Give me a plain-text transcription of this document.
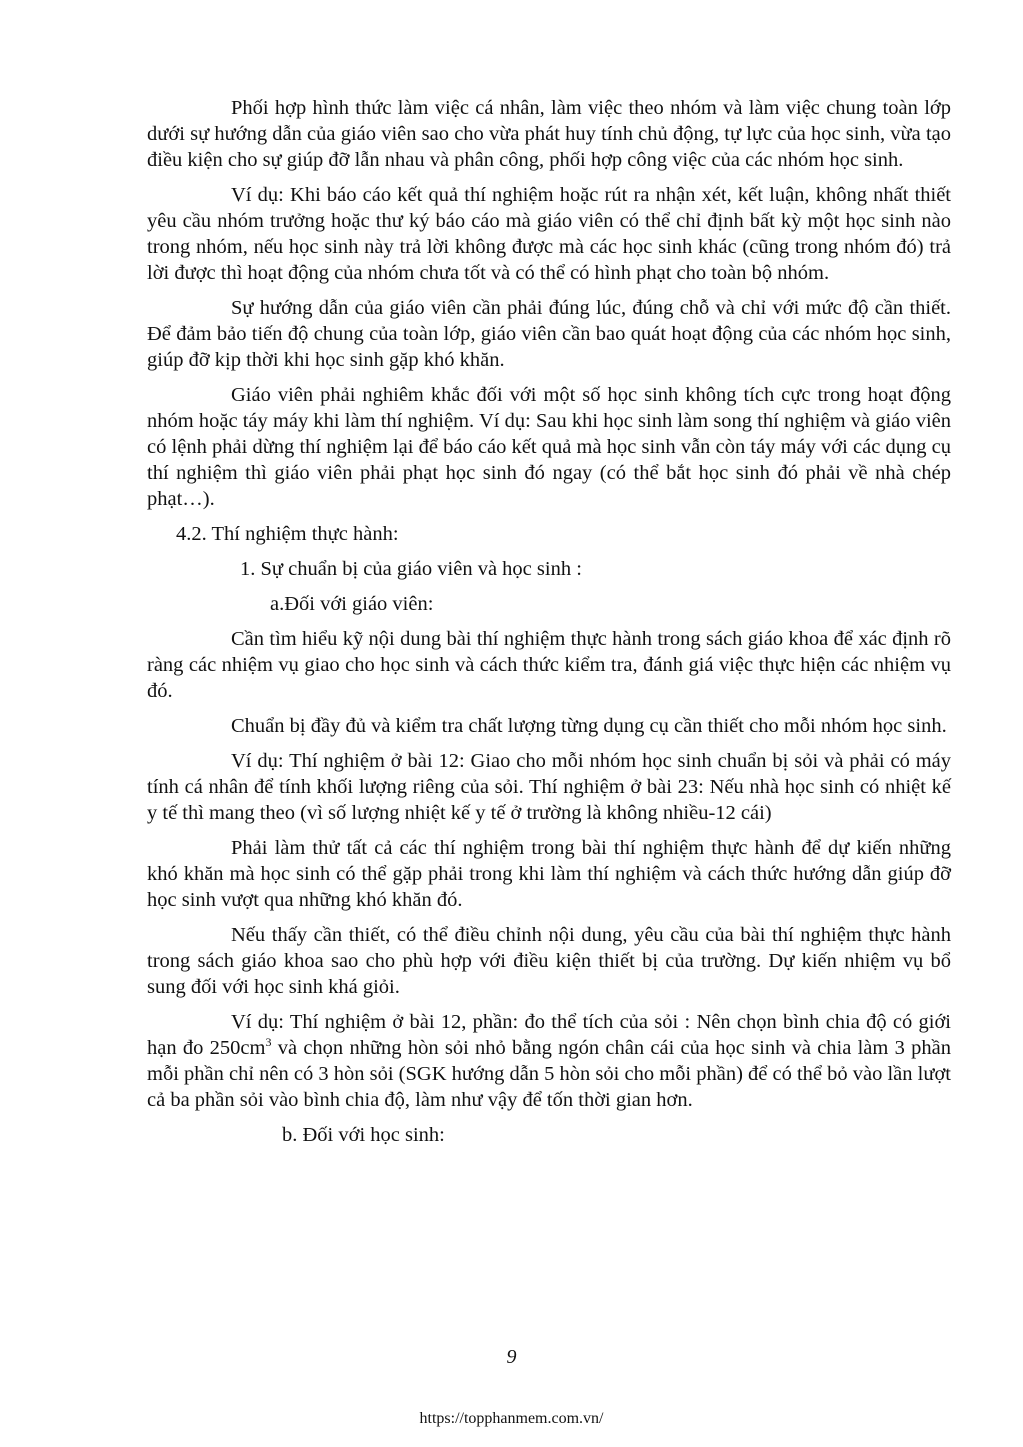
Phối hợp hình thức làm việc cá nhân, làm việc theo nhóm và làm việc chung toàn lớp dưới sự hướng dẫn của giáo viên sao cho vừa phát huy tính chủ động, tự lực của học sinh, vừa tạo điều kiện cho sự giúp đỡ lẫn nhau và phân công, phối hợp công việc của các nhóm học sinh.

Ví dụ: Khi báo cáo kết quả thí nghiệm hoặc rút ra nhận xét, kết luận, không nhất thiết yêu cầu nhóm trưởng hoặc thư ký báo cáo mà giáo viên có thể chỉ định bất kỳ một học sinh nào trong nhóm, nếu học sinh này trả lời không được mà các học sinh khác (cũng trong nhóm đó) trả lời được thì hoạt động của nhóm chưa tốt và có thể có hình phạt cho toàn bộ nhóm.

Sự hướng dẫn của giáo viên cần phải đúng lúc, đúng chỗ và chỉ với mức độ cần thiết. Để đảm bảo tiến độ chung của toàn lớp, giáo viên cần bao quát hoạt động của các nhóm học sinh, giúp đỡ kịp thời khi học sinh gặp khó khăn.

Giáo viên phải nghiêm khắc đối với một số học sinh không tích cực trong hoạt động nhóm hoặc táy máy khi làm thí nghiệm. Ví dụ: Sau khi học sinh làm song thí nghiệm và giáo viên có lệnh phải dừng thí nghiệm lại để báo cáo kết quả mà học sinh vẫn còn táy máy với các dụng cụ thí nghiệm thì giáo viên phải phạt học sinh đó ngay (có thể bắt học sinh đó phải về nhà chép phạt…).

4.2. Thí nghiệm thực hành:
1. Sự chuẩn bị của giáo viên và học sinh :
a.Đối với giáo viên:

Cần tìm hiểu kỹ nội dung bài thí nghiệm thực hành trong sách giáo khoa để xác định rõ ràng các nhiệm vụ giao cho học sinh và cách thức kiểm tra, đánh giá việc thực hiện các nhiệm vụ đó.

Chuẩn bị đầy đủ và kiểm tra chất lượng từng dụng cụ cần thiết cho mỗi nhóm học sinh.

Ví dụ: Thí nghiệm ở bài 12: Giao cho mỗi nhóm học sinh chuẩn bị sỏi và phải có máy tính cá nhân để tính khối lượng riêng của sỏi. Thí nghiệm ở bài 23: Nếu nhà học sinh có nhiệt kế y tế thì mang theo (vì số lượng nhiệt kế y tế ở trường là không nhiều-12 cái)

Phải làm thử tất cả các thí nghiệm trong bài thí nghiệm thực hành để dự kiến những khó khăn mà học sinh có thể gặp phải trong khi làm thí nghiệm và cách thức hướng dẫn giúp đỡ học sinh vượt qua những khó khăn đó.

Nếu thấy cần thiết, có thể điều chỉnh nội dung, yêu cầu của bài thí nghiệm thực hành trong sách giáo khoa sao cho phù hợp với điều kiện thiết bị của trường. Dự kiến nhiệm vụ bổ sung đối với học sinh khá giỏi.

Ví dụ: Thí nghiệm ở bài 12, phần: đo thể tích của sỏi : Nên chọn bình chia độ có giới hạn đo $250cm^3$ và chọn những hòn sỏi nhỏ bằng ngón chân cái của học sinh và chia làm 3 phần mỗi phần chỉ nên có 3 hòn sỏi (SGK hướng dẫn 5 hòn sỏi cho mỗi phần) để có thể bỏ vào lần lượt cả ba phần sỏi vào bình chia độ, làm như vậy để tốn thời gian hơn.

b. Đối với học sinh:
9
https://topphanmem.com.vn/
